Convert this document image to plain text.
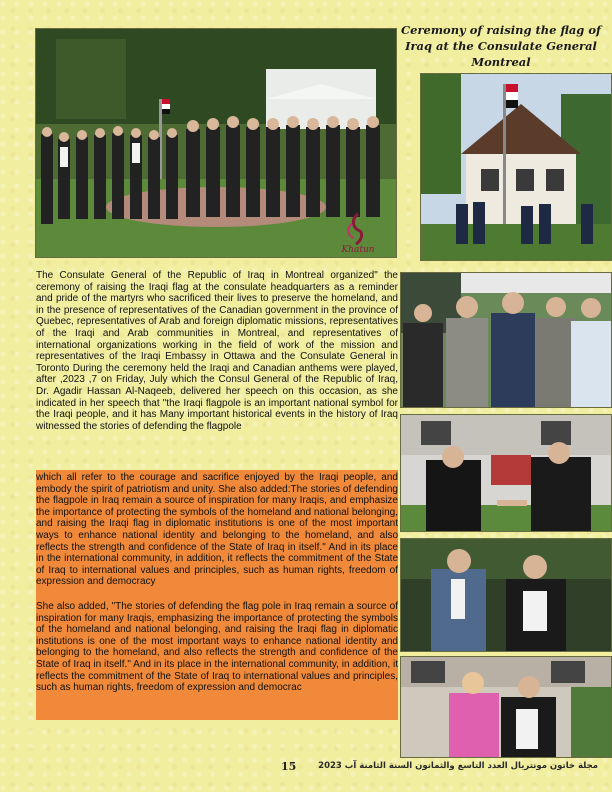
Khatun
Ceremony of raising the flag of
Iraq at the Consulate General
Montreal
The Consulate General of the Republic of Iraq in Montreal organized" the ceremony of raising the Iraqi flag at the consulate headquarters as a reminder and pride of the martyrs who sacrificed their lives to preserve the homeland, and in the presence of representatives of the Canadian government in the province of Quebec, representatives of Arab and foreign diplomatic missions, representatives of the Iraqi and Arab communities in Montreal, and representatives of international organizations working in the field of work of the mission and representatives of the Iraqi Embassy in Ottawa and the Consulate General in Toronto During the ceremony held the Iraqi and Canadian anthems were played, after ,2023 ,7 on Friday, July which the Consul General of the Republic of Iraq, Dr. Agadir Hassan Al-Naqeeb, delivered her speech on this occasion, as she indicated in her speech that "the Iraqi flagpole is an important national symbol for the Iraqi people, and it has Many important historical events in the history of Iraq witnessed the stories of defending the flagpole
which all refer to the courage and sacrifice enjoyed by the Iraqi people, and embody the spirit of patriotism and unity. She also added:The stories of defending the flagpole in Iraq remain a source of inspiration for many Iraqis, and emphasize the importance of protecting the symbols of the homeland and national belonging, and raising the Iraqi flag in diplomatic institutions is one of the most important ways to enhance national identity and belonging to the homeland, and also reflects the strength and confidence of the State of Iraq in itself." And in its place in the international community, in addition, it reflects the commitment of the State of Iraq to international values and principles, such as human rights, freedom of expression and democracy
She also added, "The stories of defending the flag pole in Iraq remain a source of inspiration for many Iraqis, emphasizing the importance of protecting the symbols of the homeland and national belonging, and raising the Iraqi flag in diplomatic institutions is one of the most important ways to enhance national identity and belonging to the homeland, and also reflects the strength and confidence of the State of Iraq in itself." And in its place in the international community, in addition, it reflects the commitment of the State of Iraq to international values and principles, such as human rights, freedom of expression and democrac
15	مجلة خاتون مونتريال العدد التاسع والثمانون السنة الثامنة آب 2023
